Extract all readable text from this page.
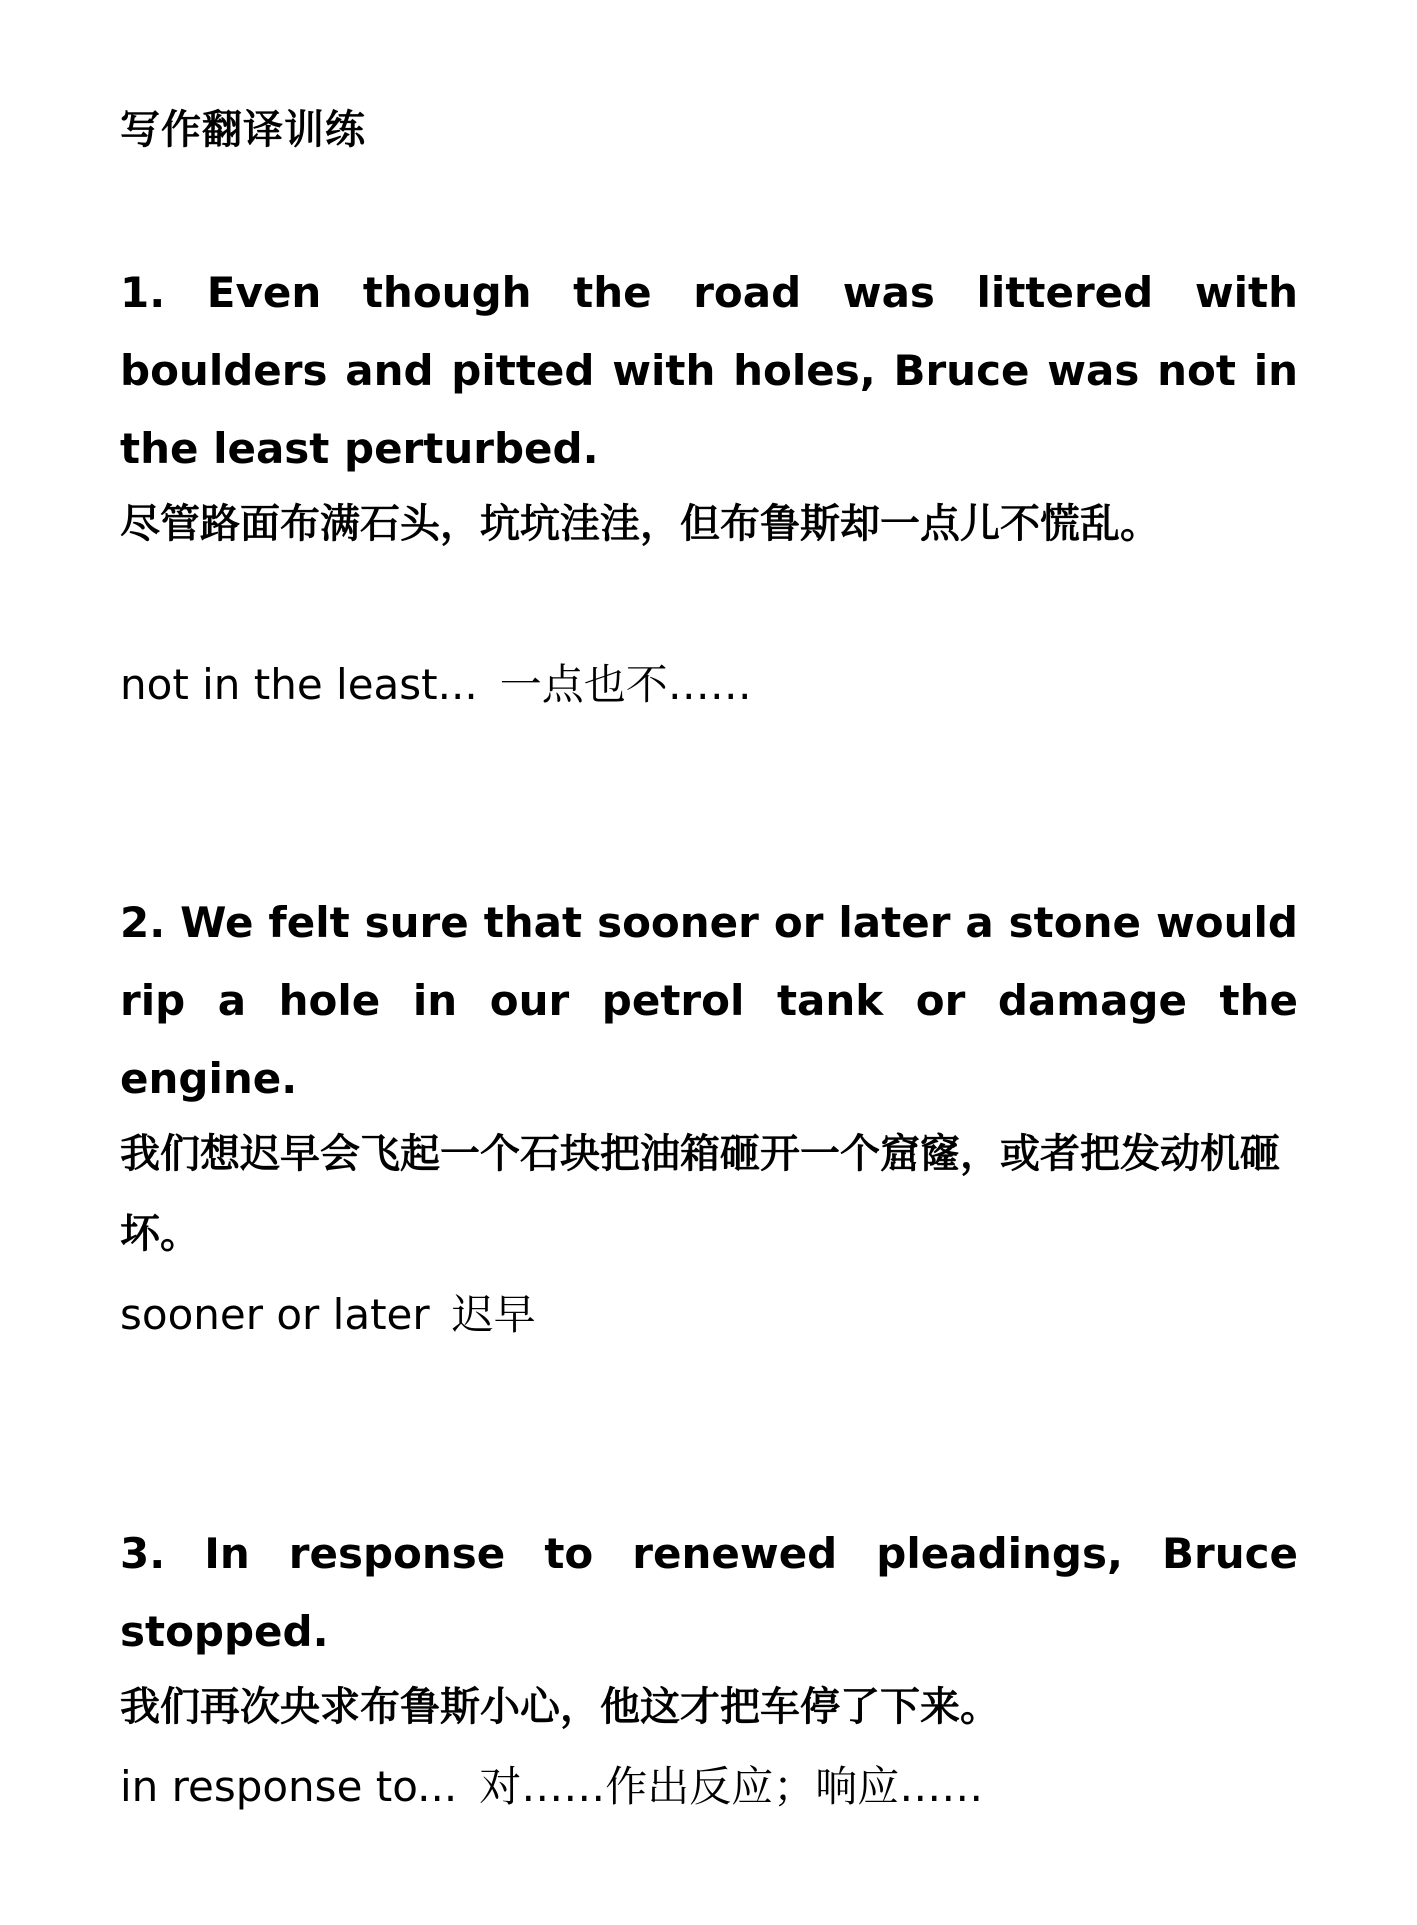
写作翻译训练

1. Even though the road was littered with boulders and pitted with holes, Bruce was not in the least perturbed.

尽管路面布满石头，坑坑洼洼，但布鲁斯却一点儿不慌乱。

not in the least... 一点也不……

2. We felt sure that sooner or later a stone would rip a hole in our petrol tank or damage the engine.

我们想迟早会飞起一个石块把油箱砸开一个窟窿，或者把发动机砸坏。

sooner or later 迟早

3. In response to renewed pleadings, Bruce stopped.

我们再次央求布鲁斯小心，他这才把车停了下来。

in response to... 对……作出反应；响应……
